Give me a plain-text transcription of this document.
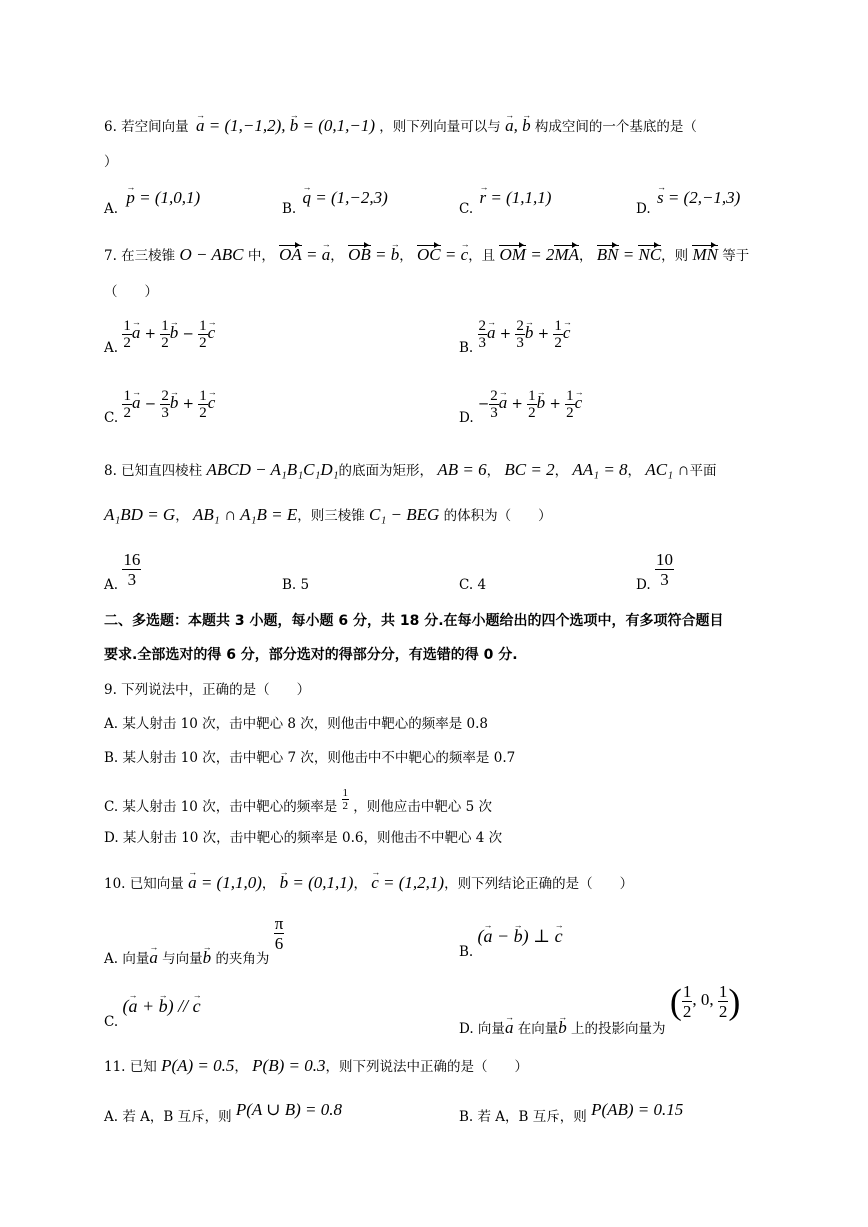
6. 若空间向量 → a = (1,−1,2), → b = (0,1,−1) ，则下列向量可以与 → a, → b 构成空间的一个基底的是（
）
A. → p = (1,0,1)
B. → q = (1,−2,3)
C. → r = (1,1,1)
D. → s = (2,−1,3)
7. 在三棱锥 O − ABC 中， OA = → a， OB = → b， OC = → c，且 OM = 2MA， BN = NC，则 MN 等于
（　　）
A. $\frac{1}{2}$
→ $a + \frac{1}{2}$
→ $b - \frac{1}{2}$
→ c
B. $\frac{2}{3}$
→ $a + \frac{2}{3}$
→ $b + \frac{1}{2}$
→ c
C. $\frac{1}{2}$
→ $a - \frac{2}{3}$
→ $b + \frac{1}{2}$
→ c
D. − $\frac{2}{3}$
→ $a + \frac{1}{2}$
→ $b + \frac{1}{2}$
→ c
8. 已知直四棱柱 ABCD − A₁B₁C₁D₁的底面为矩形， AB = 6， BC = 2， AA₁ = 8， AC₁ ∩平面
A₁BD = G， AB₁ ∩ A₁B = E，则三棱锥 C₁ − BEG 的体积为（　　）
A. $\frac{16}{3}$	B. 5	C. 4	D. $\frac{10}{3}$
二、多选题：本题共 3 小题，每小题 6 分，共 18 分.在每小题给出的四个选项中，有多项符合题目
要求.全部选对的得 6 分，部分选对的得部分分，有选错的得 0 分.
9. 下列说法中，正确的是（　　）
A. 某人射击 10 次，击中靶心 8 次，则他击中靶心的频率是 0.8
B. 某人射击 10 次，击中靶心 7 次，则他击中不中靶心的频率是 0.7
C. 某人射击 10 次，击中靶心的频率是 $\frac{1}{2}$ ，则他应击中靶心 5 次
D. 某人射击 10 次，击中靶心的频率是 0.6，则他击不中靶心 4 次
10. 已知向量 → a = (1,1,0)， → b = (0,1,1)， → c = (1,2,1)，则下列结论正确的是（　　）
A. 向量→ a 与向量→ b 的夹角为
$\frac{\pi}{6}$	B. (→ a − → b) ⊥ → c
C. (→ a + → b) // → c
D. 向量→ a 在向量→ b 上的投影向量为 ( $\frac{1}{2}$ , 0, $\frac{1}{2}$ )
11. 已知 P(A) = 0.5， P(B) = 0.3，则下列说法中正确的是（　　）
A. 若 A，B 互斥，则 P(A ∪ B) = 0.8	B. 若 A，B 互斥，则 P(AB) = 0.15
